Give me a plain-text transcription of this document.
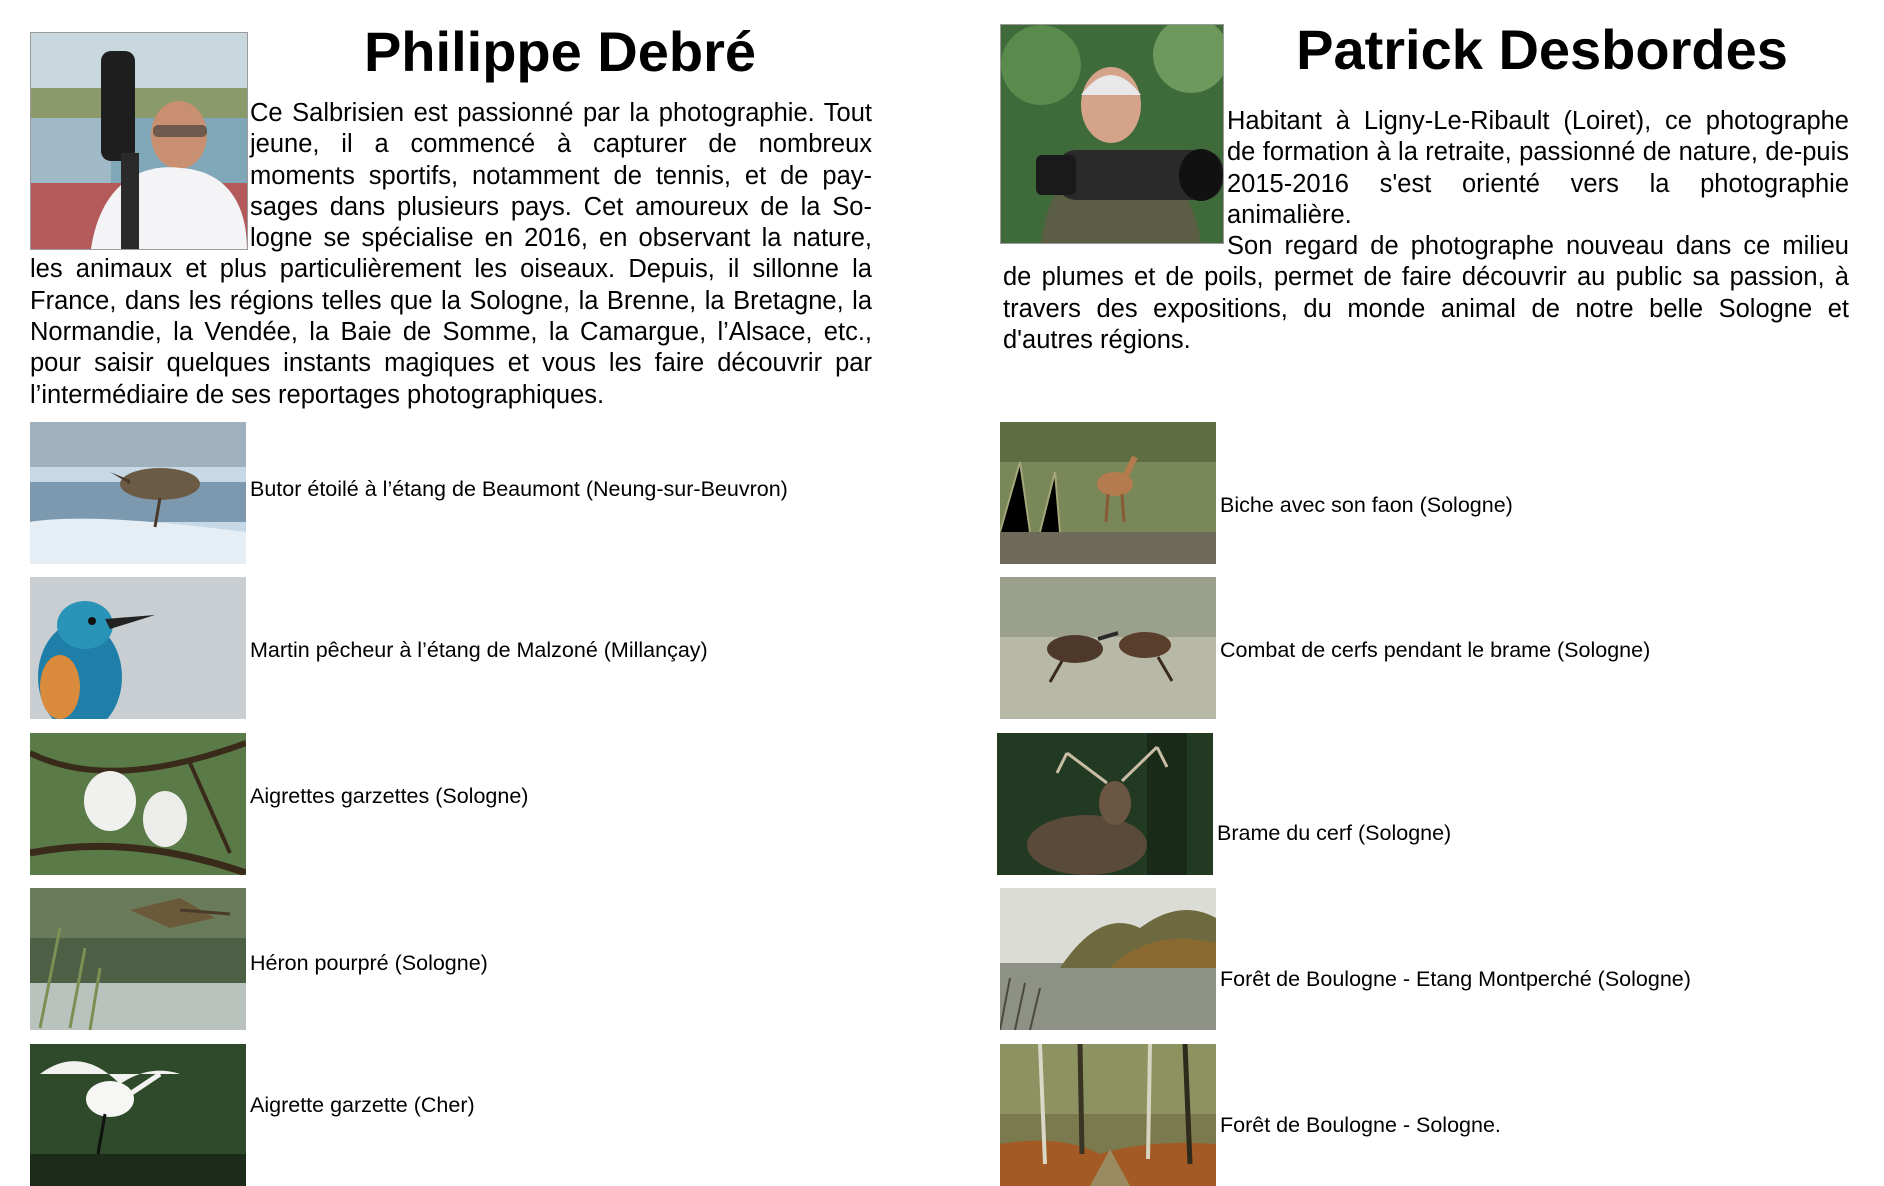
Philippe Debré

Ce Salbrisien est passionné par la photographie. Tout jeune, il a commencé à capturer de nombreux moments sportifs, notamment de tennis, et de pay-sages dans plusieurs pays. Cet amoureux de la So-logne se spécialise en 2016, en observant la nature, les animaux et plus particulièrement les oiseaux. Depuis, il sillonne la France, dans les régions telles que la Sologne, la Brenne, la Bretagne, la Normandie, la Vendée, la Baie de Somme, la Camargue, l’Alsace, etc., pour saisir quelques instants magiques et vous les faire découvrir par l’intermédiaire de ses reportages photographiques.

Butor étoilé à l’étang de Beaumont (Neung-sur-Beuvron)
Martin pêcheur à l’étang de Malzoné (Millançay)
Aigrettes garzettes (Sologne)
Héron pourpré (Sologne)
Aigrette garzette (Cher)
Patrick Desbordes
Habitant à Ligny-Le-Ribault (Loiret), ce photographe de formation à la retraite, passionné de nature, de-puis 2015-2016 s'est orienté vers la photographie animalière.
Son regard de photographe nouveau dans ce milieu de plumes et de poils, permet de faire découvrir au public sa passion, à travers des expositions, du monde animal de notre belle Sologne et d'autres régions.
Biche avec son faon (Sologne)
Combat de cerfs pendant le brame (Sologne)
Brame du cerf (Sologne)
Forêt de Boulogne - Etang Montperché (Sologne)
Forêt de Boulogne - Sologne.
